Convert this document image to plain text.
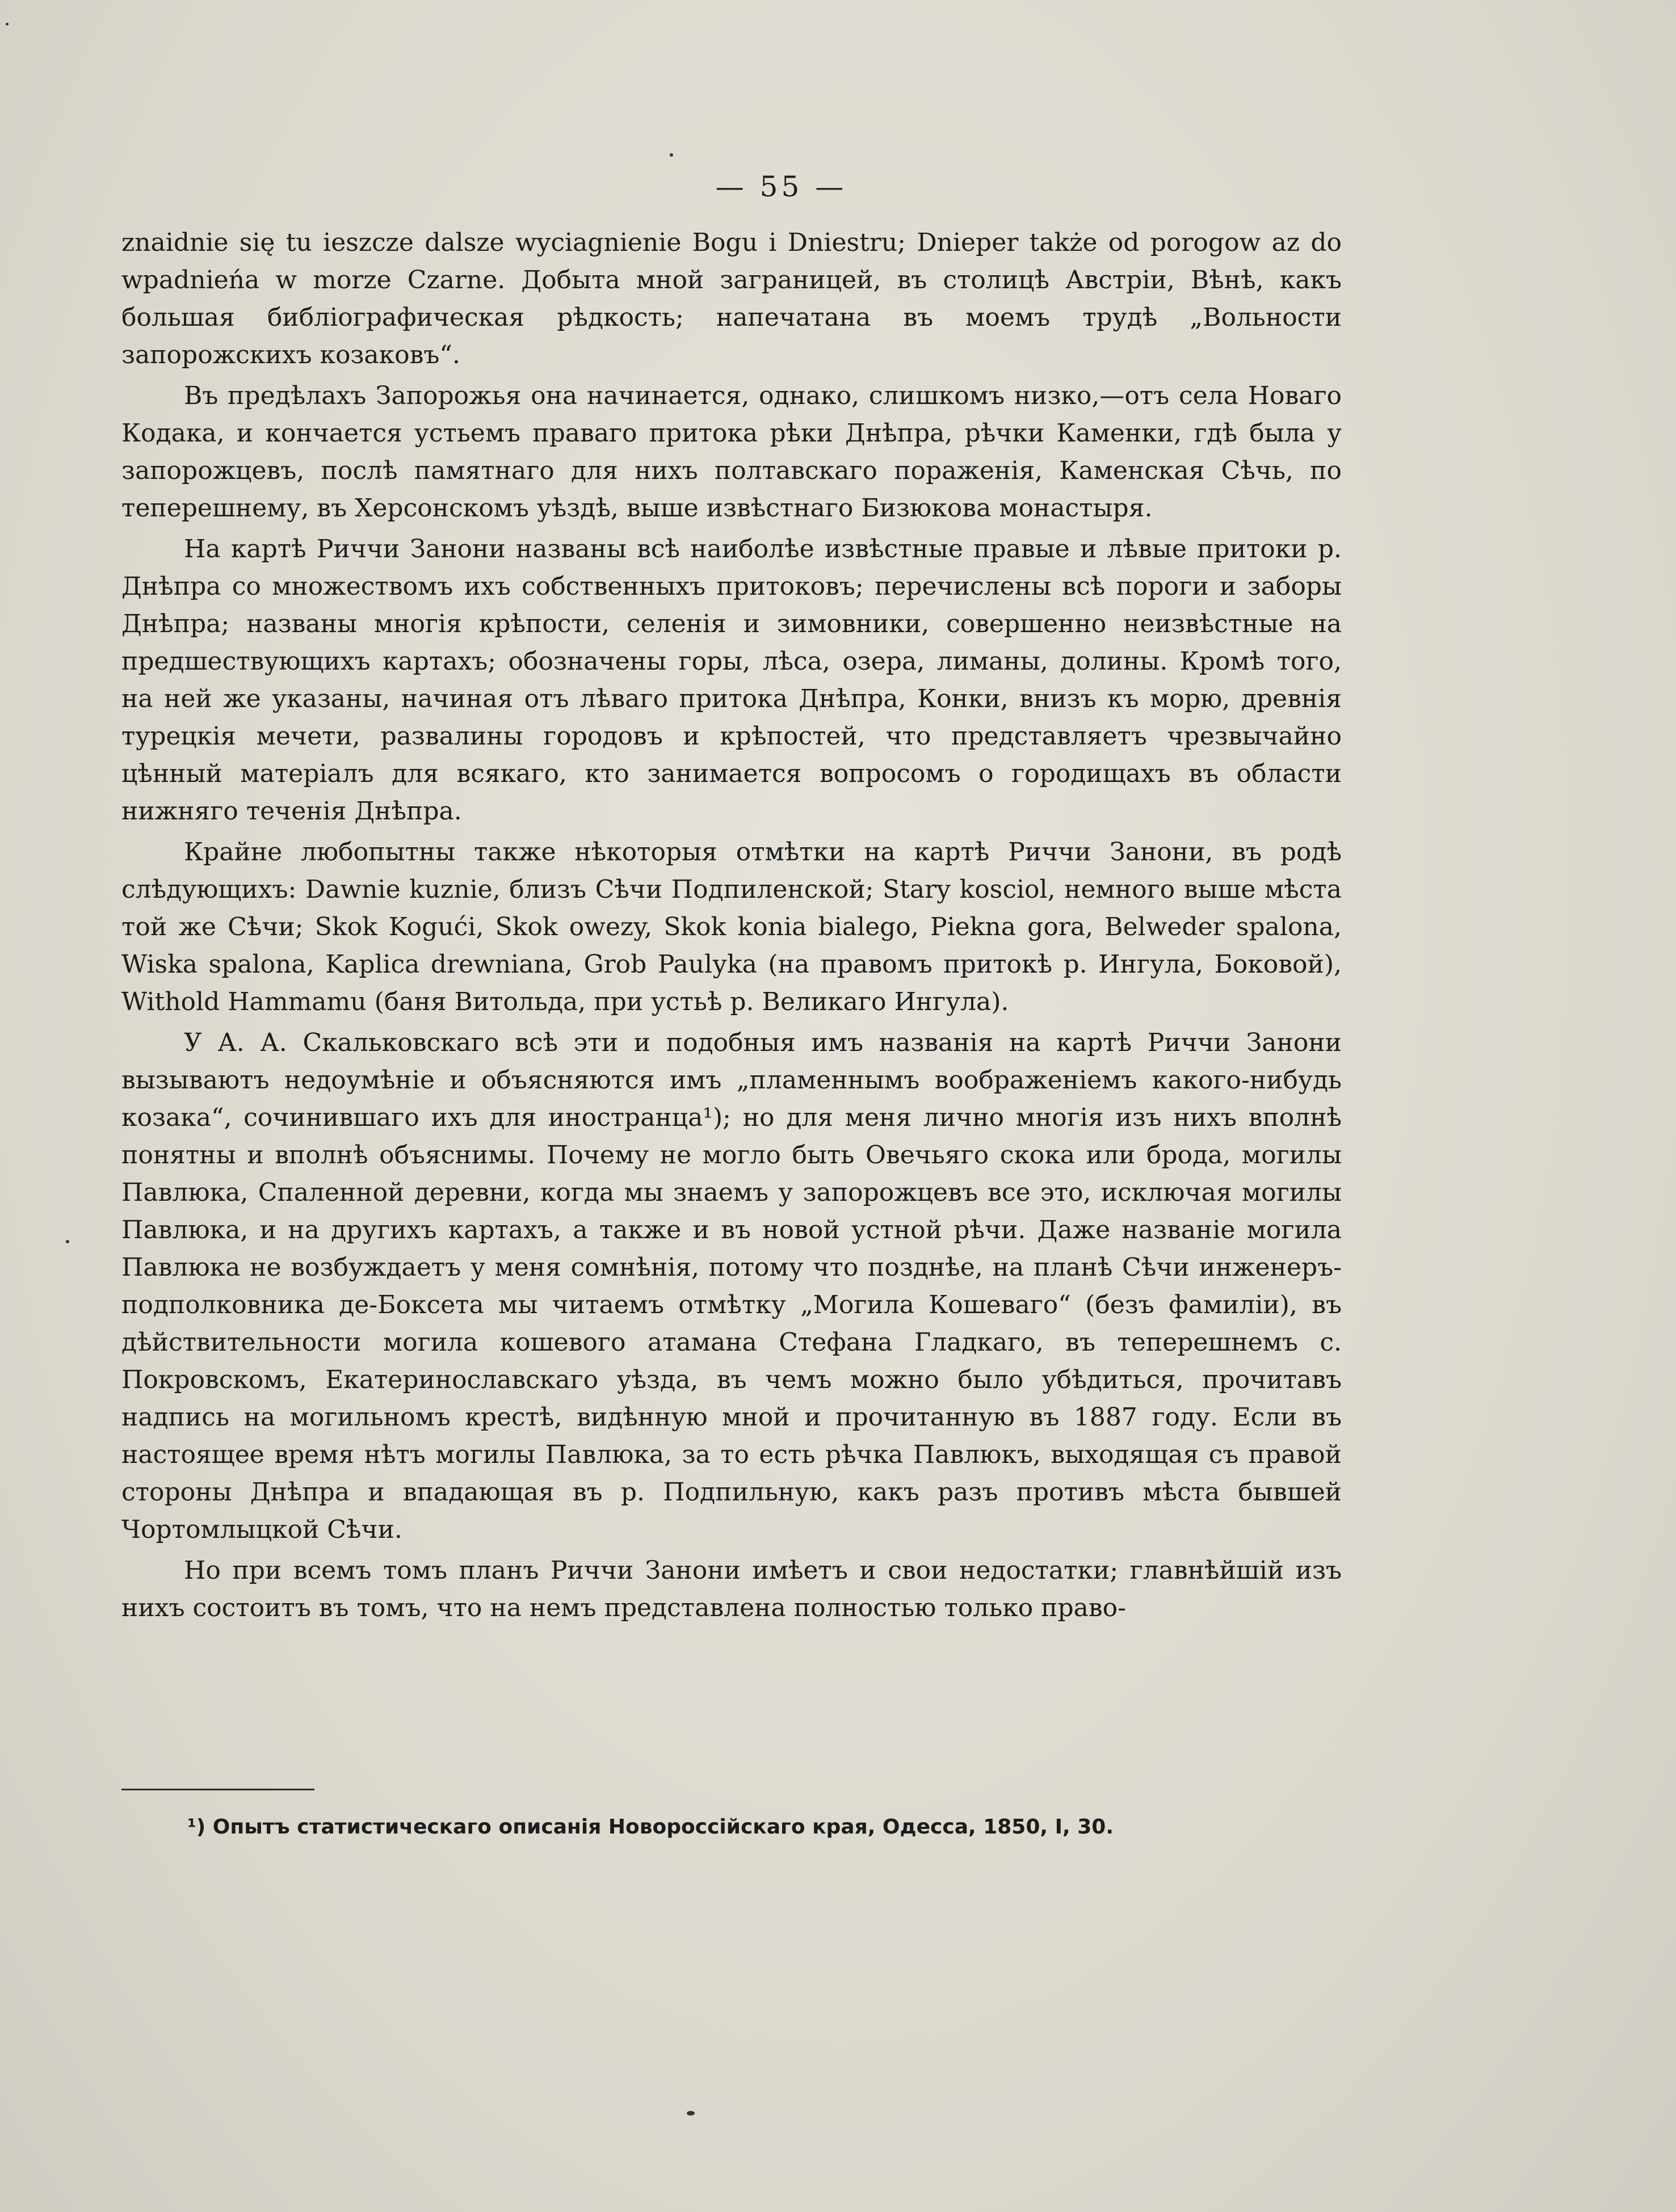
— 55 —

znaidnie się tu ieszcze dalsze wyciagnienie Bogu i Dniestru; Dnieper także od porogow az do wpadnieńa w morze Czarne. Добыта мной заграницей, въ столицѣ Австріи, Вѣнѣ, какъ большая библіографическая рѣдкость; напечатана въ моемъ трудѣ „Вольности запорожскихъ козаковъ“.

Въ предѣлахъ Запорожья она начинается, однако, слишкомъ низко,—отъ села Новаго Кодака, и кончается устьемъ праваго притока рѣки Днѣпра, рѣчки Каменки, гдѣ была у запорожцевъ, послѣ памятнаго для нихъ полтавскаго пораженія, Каменская Сѣчь, по теперешнему, въ Херсонскомъ уѣздѣ, выше извѣстнаго Бизюкова монастыря.

На картѣ Риччи Занони названы всѣ наиболѣе извѣстные правые и лѣвые притоки р. Днѣпра со множествомъ ихъ собственныхъ притоковъ; перечислены всѣ пороги и заборы Днѣпра; названы многія крѣпости, селенія и зимовники, совершенно неизвѣстные на предшествующихъ картахъ; обозначены горы, лѣса, озера, лиманы, долины. Кромѣ того, на ней же указаны, начиная отъ лѣваго притока Днѣпра, Конки, внизъ къ морю, древнія турецкія мечети, развалины городовъ и крѣпостей, что представляетъ чрезвычайно цѣнный матеріалъ для всякаго, кто занимается вопросомъ о городищахъ въ области нижняго теченія Днѣпра.

Крайне любопытны также нѣкоторыя отмѣтки на картѣ Риччи Занони, въ родѣ слѣдующихъ: Dawnie kuznie, близъ Сѣчи Подпиленской; Stary kosciol, немного выше мѣста той же Сѣчи; Skok Kogući, Skok owezy, Skok konia bialego, Piekna gora, Belweder spalona, Wiska spalona, Kaplica drewniana, Grob Paulуka (на правомъ притокѣ р. Ингула, Боковой), Withold Hammamu (баня Витольда, при устьѣ р. Великаго Ингула).

У А. А. Скальковскаго всѣ эти и подобныя имъ названія на картѣ Риччи Занони вызываютъ недоумѣніе и объясняются имъ „пламеннымъ воображеніемъ какого-нибудь козака“, сочинившаго ихъ для иностранца¹); но для меня лично многія изъ нихъ вполнѣ понятны и вполнѣ объяснимы. Почему не могло быть Овечьяго скока или брода, могилы Павлюка, Спаленной деревни, когда мы знаемъ у запорожцевъ все это, исключая могилы Павлюка, и на другихъ картахъ, а также и въ новой устной рѣчи. Даже названіе могила Павлюка не возбуждаетъ у меня сомнѣнія, потому что позднѣе, на планѣ Сѣчи инженеръ-подполковника де-Боксета мы читаемъ отмѣтку „Могила Кошеваго“ (безъ фамиліи), въ дѣйствительности могила кошевого атамана Стефана Гладкаго, въ теперешнемъ с. Покровскомъ, Екатеринославскаго уѣзда, въ чемъ можно было убѣдиться, прочитавъ надпись на могильномъ крестѣ, видѣнную мной и прочитанную въ 1887 году. Если въ настоящее время нѣтъ могилы Павлюка, за то есть рѣчка Павлюкъ, выходящая съ правой стороны Днѣпра и впадающая въ р. Подпильную, какъ разъ противъ мѣста бывшей Чортомлыцкой Сѣчи.

Но при всемъ томъ планъ Риччи Занони имѣетъ и свои недостатки; главнѣйшій изъ нихъ состоитъ въ томъ, что на немъ представлена полностью только право-

¹) Опытъ статистическаго описанія Новороссійскаго края, Одесса, 1850, I, 30.
